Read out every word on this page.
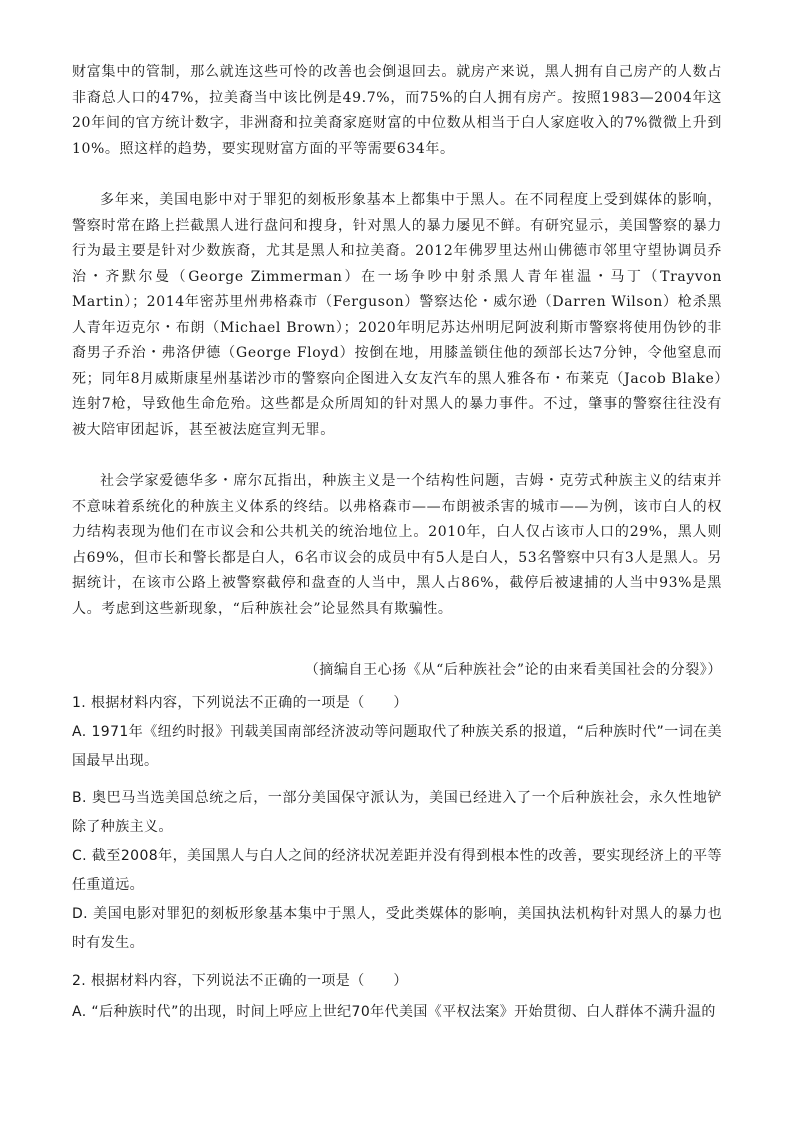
财富集中的管制，那么就连这些可怜的改善也会倒退回去。就房产来说，黑人拥有自己房产的人数占非裔总人口的47%，拉美裔当中该比例是49.7%，而75%的白人拥有房产。按照1983—2004年这20年间的官方统计数字，非洲裔和拉美裔家庭财富的中位数从相当于白人家庭收入的7%微微上升到10%。照这样的趋势，要实现财富方面的平等需要634年。

多年来，美国电影中对于罪犯的刻板形象基本上都集中于黑人。在不同程度上受到媒体的影响，警察时常在路上拦截黑人进行盘问和搜身，针对黑人的暴力屡见不鲜。有研究显示，美国警察的暴力行为最主要是针对少数族裔，尤其是黑人和拉美裔。2012年佛罗里达州山佛德市邻里守望协调员乔治・齐默尔曼（George Zimmerman）在一场争吵中射杀黑人青年崔温・马丁（Trayvon Martin）；2014年密苏里州弗格森市（Ferguson）警察达伦・威尔逊（Darren Wilson）枪杀黑人青年迈克尔・布朗（Michael Brown）；2020年明尼苏达州明尼阿波利斯市警察将使用伪钞的非裔男子乔治・弗洛伊德（George Floyd）按倒在地，用膝盖锁住他的颈部长达7分钟，令他窒息而死；同年8月威斯康星州基诺沙市的警察向企图进入女友汽车的黑人雅各布・布莱克（Jacob Blake）连射7枪，导致他生命危殆。这些都是众所周知的针对黑人的暴力事件。不过，肇事的警察往往没有被大陪审团起诉，甚至被法庭宣判无罪。

社会学家爱德华多・席尔瓦指出，种族主义是一个结构性问题，吉姆・克劳式种族主义的结束并不意味着系统化的种族主义体系的终结。以弗格森市——布朗被杀害的城市——为例，该市白人的权力结构表现为他们在市议会和公共机关的统治地位上。2010年，白人仅占该市人口的29%，黑人则占69%，但市长和警长都是白人，6名市议会的成员中有5人是白人，53名警察中只有3人是黑人。另据统计，在该市公路上被警察截停和盘查的人当中，黑人占86%，截停后被逮捕的人当中93%是黑人。考虑到这些新现象，“后种族社会”论显然具有欺骗性。

（摘编自王心扬《从“后种族社会”论的由来看美国社会的分裂》）

1. 根据材料内容，下列说法不正确的一项是（　　）

A. 1971年《纽约时报》刊载美国南部经济波动等问题取代了种族关系的报道，“后种族时代”一词在美国最早出现。

B. 奥巴马当选美国总统之后，一部分美国保守派认为，美国已经进入了一个后种族社会，永久性地铲除了种族主义。

C. 截至2008年，美国黑人与白人之间的经济状况差距并没有得到根本性的改善，要实现经济上的平等任重道远。

D. 美国电影对罪犯的刻板形象基本集中于黑人，受此类媒体的影响，美国执法机构针对黑人的暴力也时有发生。

2. 根据材料内容，下列说法不正确的一项是（　　）

A. “后种族时代”的出现，时间上呼应上世纪70年代美国《平权法案》开始贯彻、白人群体不满升温的
